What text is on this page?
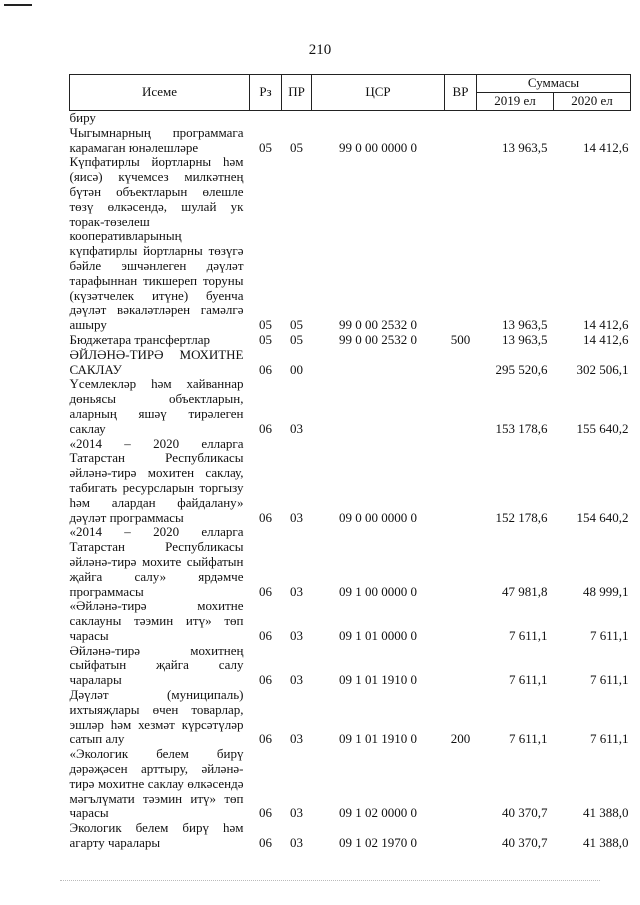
210
Исеме	Рз	ПР	ЦСР	ВР	Суммасы	
					2019 ел	2020 ел
биру
Чыгымнарның программага карамаган юнәлешләре	05	05	99 0 00 0000 0		13 963,5	14 412,6
Күпфатирлы йортларны һәм (яисә) күчемсез милкәтнең бүтән объектларын өлешле төзү өлкәсендә, шулай ук торак-төзелеш кооперативларының күпфатирлы йортларны төзүгә бәйле эшчәнлеген дәүләт тарафыннан тикшереп торуны (күзәтчелек итүне) буенча дәүләт вәкаләтләрен гамәлгә ашыру	05	05	99 0 00 2532 0		13 963,5	14 412,6
Бюджетара трансфертлар	05	05	99 0 00 2532 0	500	13 963,5	14 412,6
ӘЙЛӘНӘ-ТИРӘ МОХИТНЕ САКЛАУ	06	00			295 520,6	302 506,1
Үсемлекләр һәм хайваннар дөньясы объектларын, аларның яшәү тирәлеген саклау	06	03			153 178,6	155 640,2
«2014 – 2020 елларга Татарстан Республикасы әйләнә-тирә мохитен саклау, табигать ресурсларын торгызу һәм алардан файдалану» дәүләт программасы	06	03	09 0 00 0000 0		152 178,6	154 640,2
«2014 – 2020 елларга Татарстан Республикасы әйләнә-тирә мохите сыйфатын җайга салу» ярдәмче программасы	06	03	09 1 00 0000 0		47 981,8	48 999,1
«Әйләнә-тирә мохитне саклауны тәэмин итү» төп чарасы	06	03	09 1 01 0000 0		7 611,1	7 611,1
Әйләнә-тирә мохитнең сыйфатын җайга салу чаралары	06	03	09 1 01 1910 0		7 611,1	7 611,1
Дәүләт (муниципаль) ихтыяҗлары өчен товарлар, эшләр һәм хезмәт күрсәтүләр сатып алу	06	03	09 1 01 1910 0	200	7 611,1	7 611,1
«Экологик белем бирү дәрәҗәсен арттыру, әйләнә-тирә мохитне саклау өлкәсендә мәгълүмати тәэмин итү» төп чарасы	06	03	09 1 02 0000 0		40 370,7	41 388,0
Экологик белем бирү һәм агарту чаралары	06	03	09 1 02 1970 0		40 370,7	41 388,0
